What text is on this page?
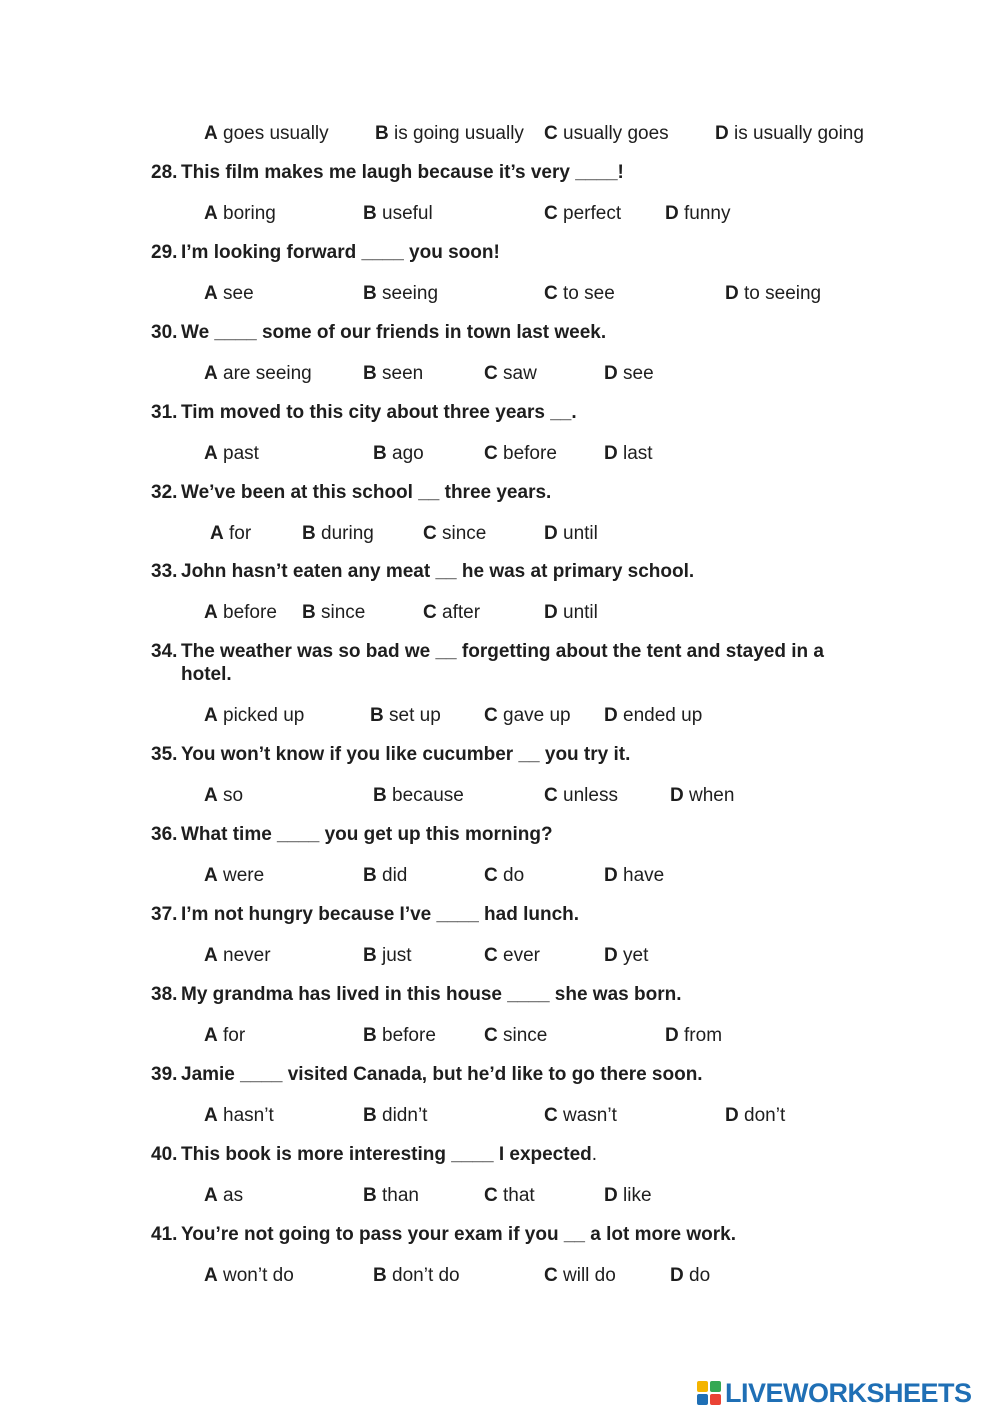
A goes usually B is going usually C usually goes D is usually going
28. This film makes me laugh because it’s very ____!
A boring	B useful	C perfect D funny
29. I’m looking forward ____ you soon!
A see	B seeing	C to see	D to seeing
30. We ____ some of our friends in town last week.
A are seeing	B seen	C saw	D see
31. Tim moved to this city about three years __.
A past	B ago	C before D last
32. We’ve been at this school __ three years.
A for	B during	C since	D until
33. John hasn’t eaten any meat __ he was at primary school.
A before B since	C after	D until
34. The weather was so bad we __ forgetting about the tent and stayed in a
hotel.
A picked up	B set up C gave up D ended up
35. You won’t know if you like cucumber __ you try it.
A so	B because	C unless	D when
36. What time ____ you get up this morning?
A were	B did	C do	D have
37. I’m not hungry because I’ve ____ had lunch.
A never	B just	C ever	D yet
38. My grandma has lived in this house ____ she was born.
A for	B before	C since	D from
39. Jamie ____ visited Canada, but he’d like to go there soon.
A hasn’t	B didn’t	C wasn’t	D don’t
40. This book is more interesting ____ I expected.
A as	B than	C that	D like
41. You’re not going to pass your exam if you __ a lot more work.
A won’t do	B don’t do	C will do	D do
LIVEWORKSHEETS
